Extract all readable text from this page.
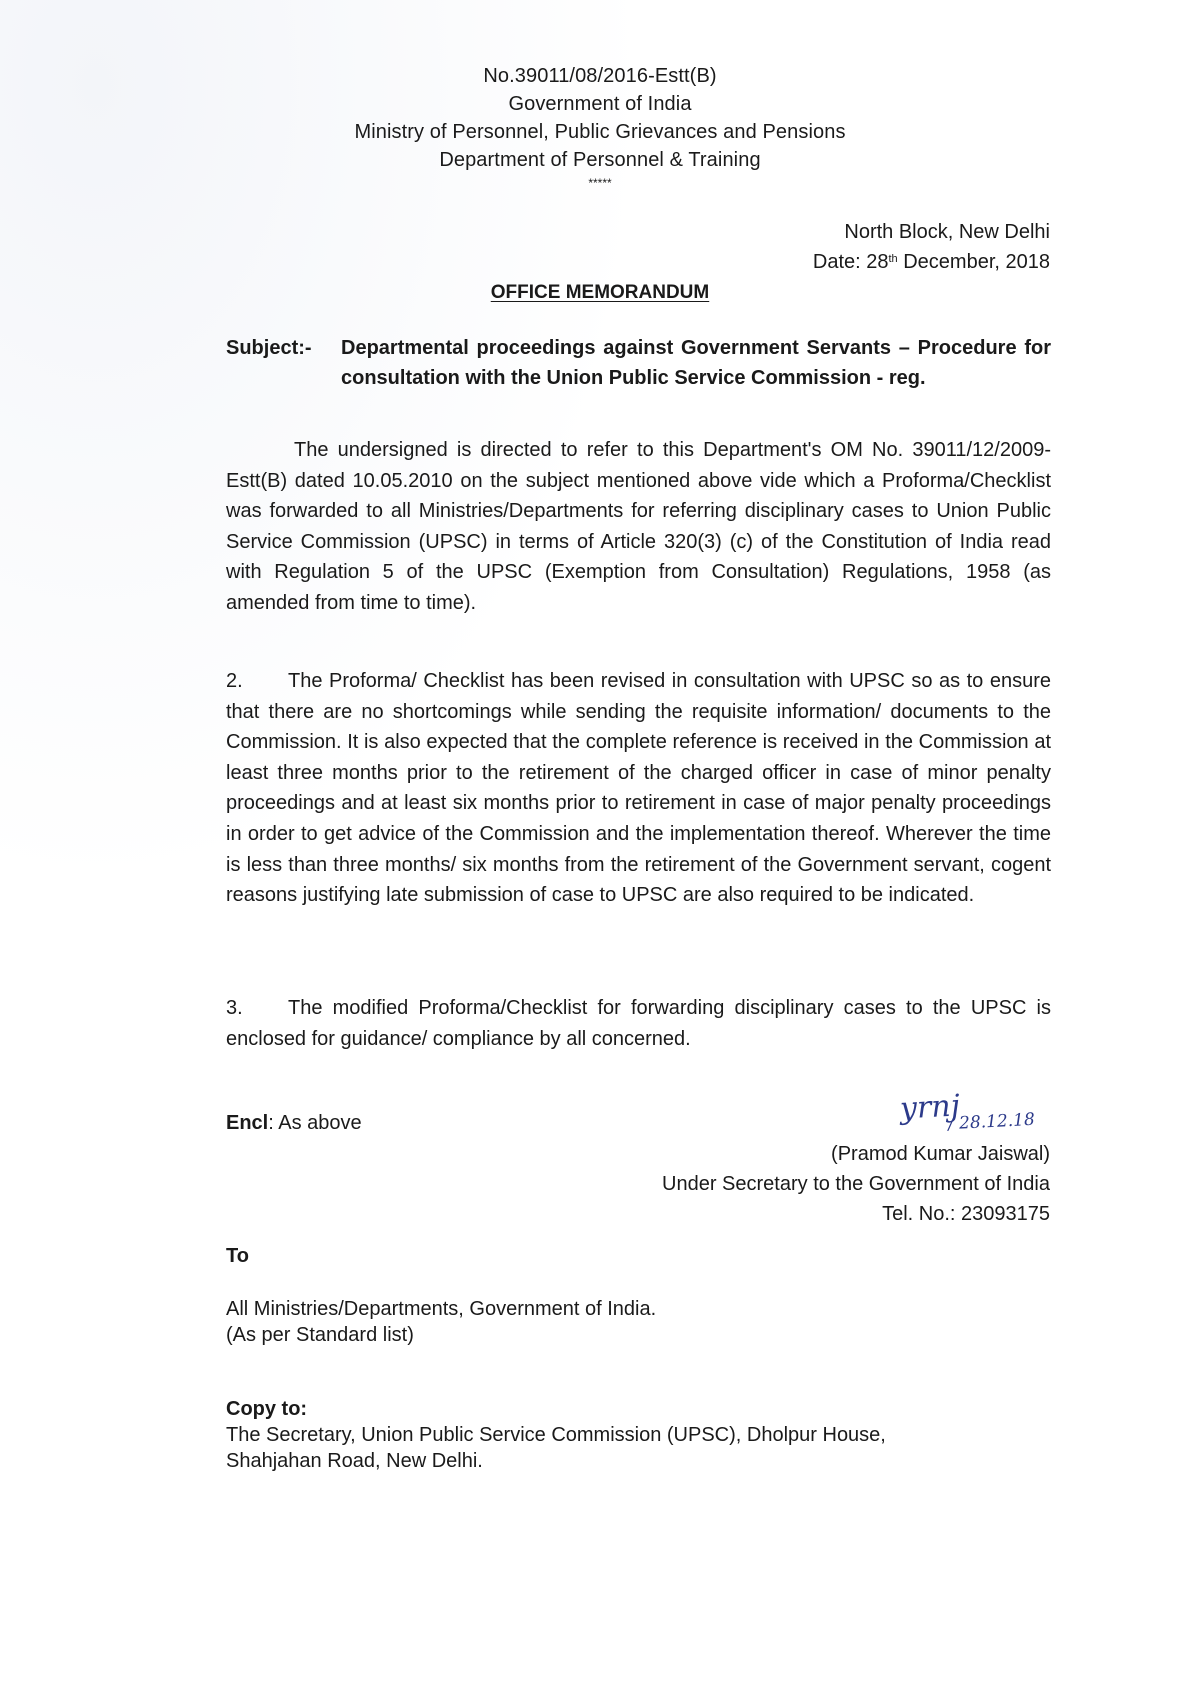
No.39011/08/2016-Estt(B)
Government of India
Ministry of Personnel, Public Grievances and Pensions
Department of Personnel & Training
*****
North Block, New Delhi
Date: 28th December, 2018
OFFICE MEMORANDUM
Subject:- Departmental proceedings against Government Servants – Procedure for consultation with the Union Public Service Commission - reg.
The undersigned is directed to refer to this Department's OM No. 39011/12/2009-Estt(B) dated 10.05.2010 on the subject mentioned above vide which a Proforma/Checklist was forwarded to all Ministries/Departments for referring disciplinary cases to Union Public Service Commission (UPSC) in terms of Article 320(3) (c) of the Constitution of India read with Regulation 5 of the UPSC (Exemption from Consultation) Regulations, 1958 (as amended from time to time).
2. The Proforma/ Checklist has been revised in consultation with UPSC so as to ensure that there are no shortcomings while sending the requisite information/ documents to the Commission. It is also expected that the complete reference is received in the Commission at least three months prior to the retirement of the charged officer in case of minor penalty proceedings and at least six months prior to retirement in case of major penalty proceedings in order to get advice of the Commission and the implementation thereof. Wherever the time is less than three months/ six months from the retirement of the Government servant, cogent reasons justifying late submission of case to UPSC are also required to be indicated.
3. The modified Proforma/Checklist for forwarding disciplinary cases to the UPSC is enclosed for guidance/ compliance by all concerned.
Encl: As above	yrnj
/ 28.12.18
(Pramod Kumar Jaiswal)
Under Secretary to the Government of India
Tel. No.: 23093175
To
All Ministries/Departments, Government of India.
(As per Standard list)
Copy to:
The Secretary, Union Public Service Commission (UPSC), Dholpur House,
Shahjahan Road, New Delhi.
